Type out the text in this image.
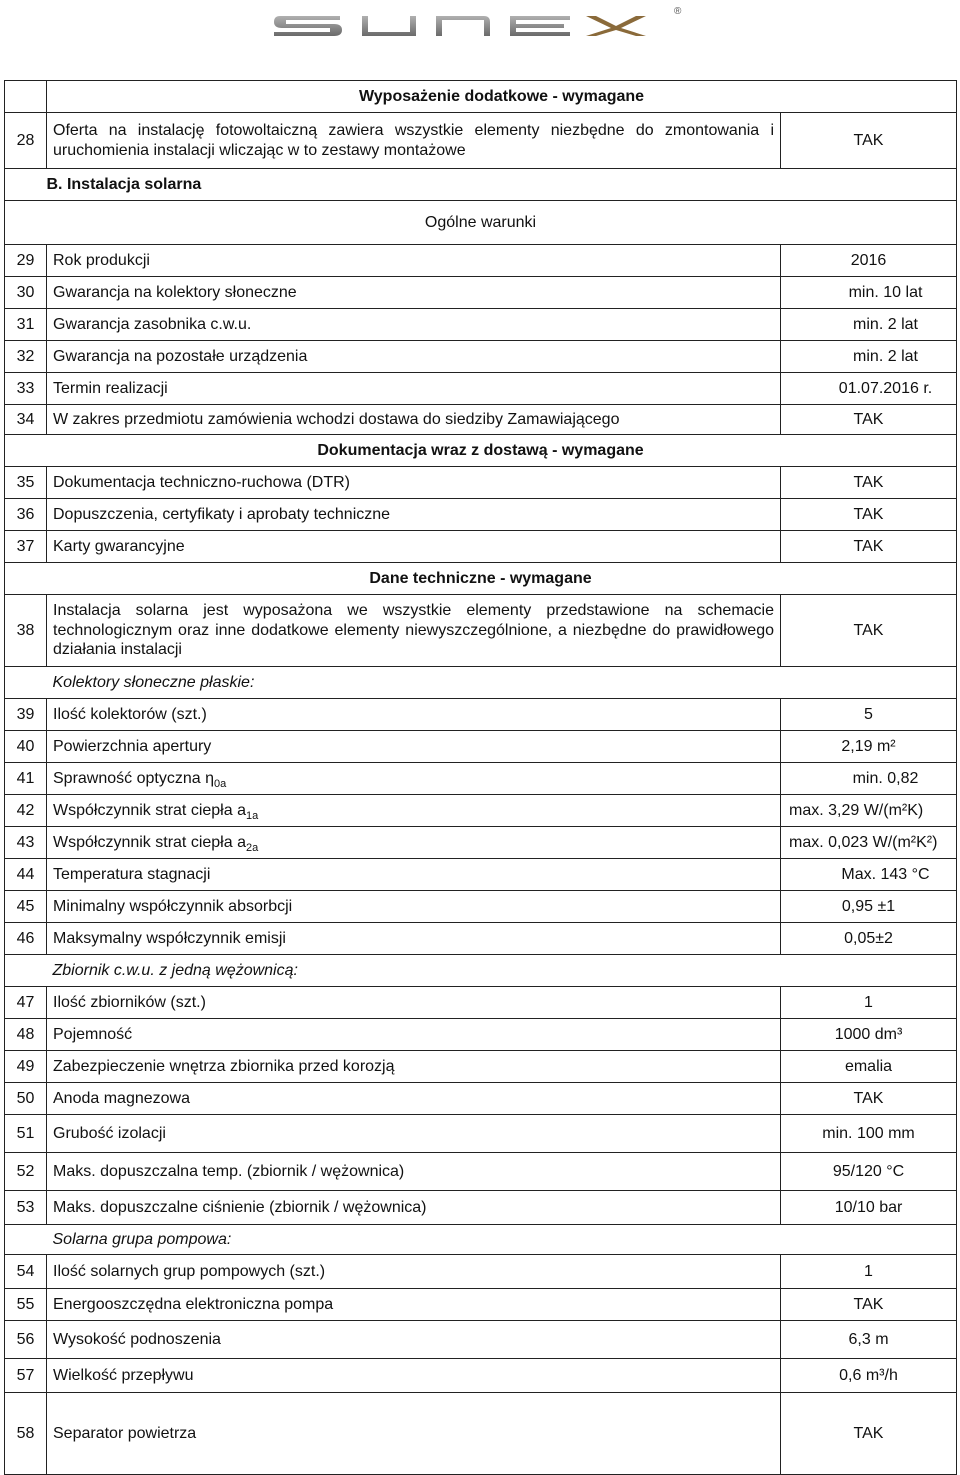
®
	Wyposażenie dodatkowe - wymagane	
28	Oferta na instalację fotowoltaiczną zawiera wszystkie elementy niezbędne do zmontowania i uruchomienia instalacji wliczając w to zestawy montażowe	TAK
	B. Instalacja solarna	
Ogólne warunki		
29	Rok produkcji	2016
30	Gwarancja na kolektory słoneczne	min. 10 lat
31	Gwarancja zasobnika c.w.u.	min. 2 lat
32	Gwarancja na pozostałe urządzenia	min. 2 lat
33	Termin realizacji	01.07.2016 r.
34	W zakres przedmiotu zamówienia wchodzi dostawa do siedziby Zamawiającego	TAK
Dokumentacja wraz z dostawą - wymagane		
35	Dokumentacja techniczno-ruchowa (DTR)	TAK
36	Dopuszczenia, certyfikaty i aprobaty techniczne	TAK
37	Karty gwarancyjne	TAK
Dane techniczne - wymagane		
38	Instalacja solarna jest wyposażona we wszystkie elementy przedstawione na schemacie technologicznym oraz inne dodatkowe elementy niewyszczególnione, a niezbędne do prawidłowego działania instalacji	TAK
	Kolektory słoneczne płaskie:	
39	Ilość kolektorów (szt.)	5
40	Powierzchnia apertury	2,19 m²
41	Sprawność optyczna $\eta_{0a}$	min. 0,82
42	Współczynnik strat ciepła $a_{1a}$	max. 3,29 W/(m²K)
43	Współczynnik strat ciepła $a_{2a}$	max. 0,023 W/(m²K²)
44	Temperatura stagnacji	Max. 143 °C
45	Minimalny współczynnik absorbcji	0,95 ±1
46	Maksymalny współczynnik emisji	0,05±2
	Zbiornik c.w.u. z jedną wężownicą:	
47	Ilość zbiorników (szt.)	1
48	Pojemność	1000 dm³
49	Zabezpieczenie wnętrza zbiornika przed korozją	emalia
50	Anoda magnezowa	TAK
51	Grubość izolacji	min. 100 mm
52	Maks. dopuszczalna temp. (zbiornik / wężownica)	95/120 °C
53	Maks. dopuszczalne ciśnienie (zbiornik / wężownica)	10/10 bar
	Solarna grupa pompowa:	
54	Ilość solarnych grup pompowych (szt.)	1
55	Energooszczędna elektroniczna pompa	TAK
56	Wysokość podnoszenia	6,3 m
57	Wielkość przepływu	0,6 m³/h
58	Separator powietrza	TAK
